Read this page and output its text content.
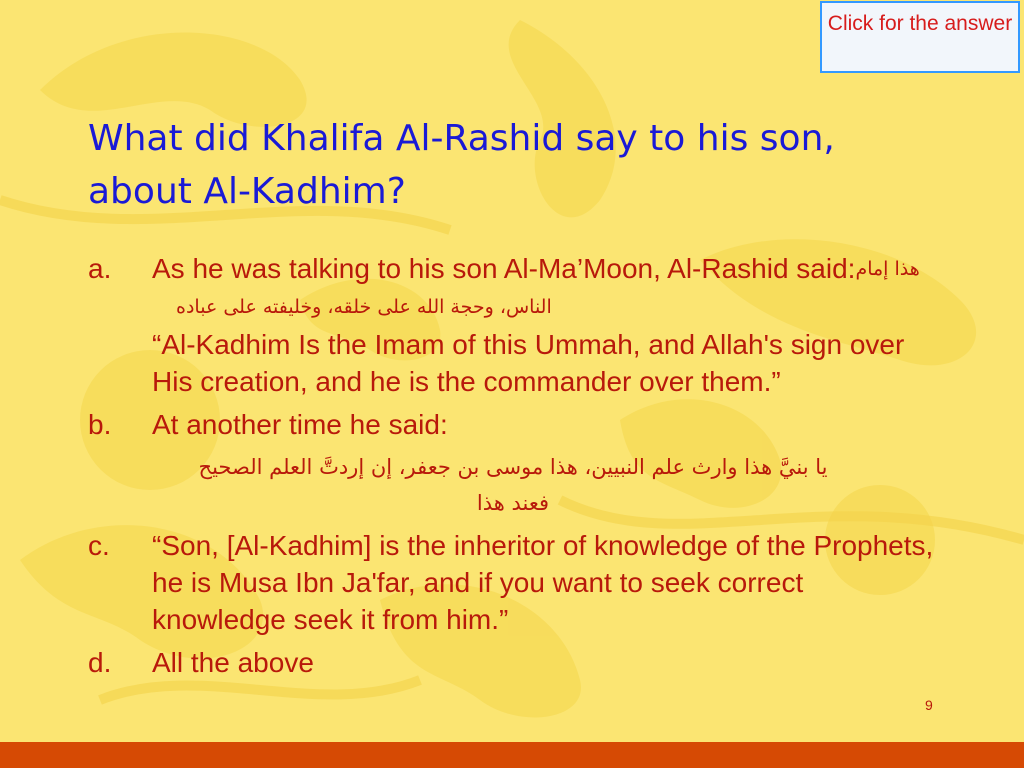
Click for the answer
What did Khalifa Al-Rashid say to his son, about Al-Kadhim?
a.	As he was talking to his son Al-Ma’Moon, Al-Rashid said:هذا إمام الناس، وحجة الله على خلقه، وخليفته على عباده
“Al-Kadhim Is the Imam of this Ummah, and Allah's sign over His creation, and he is the commander over them.”
b.	At another time he said:
يا بنيَّ هذا وارث علم النبيين، هذا موسى بن جعفر، إن إردتَّ العلم الصحيح
فعند هذا
c.	“Son, [Al-Kadhim] is the inheritor of knowledge of the Prophets, he is Musa Ibn Ja'far, and if you want to seek correct knowledge seek it from him.”
d.	All the above
9
